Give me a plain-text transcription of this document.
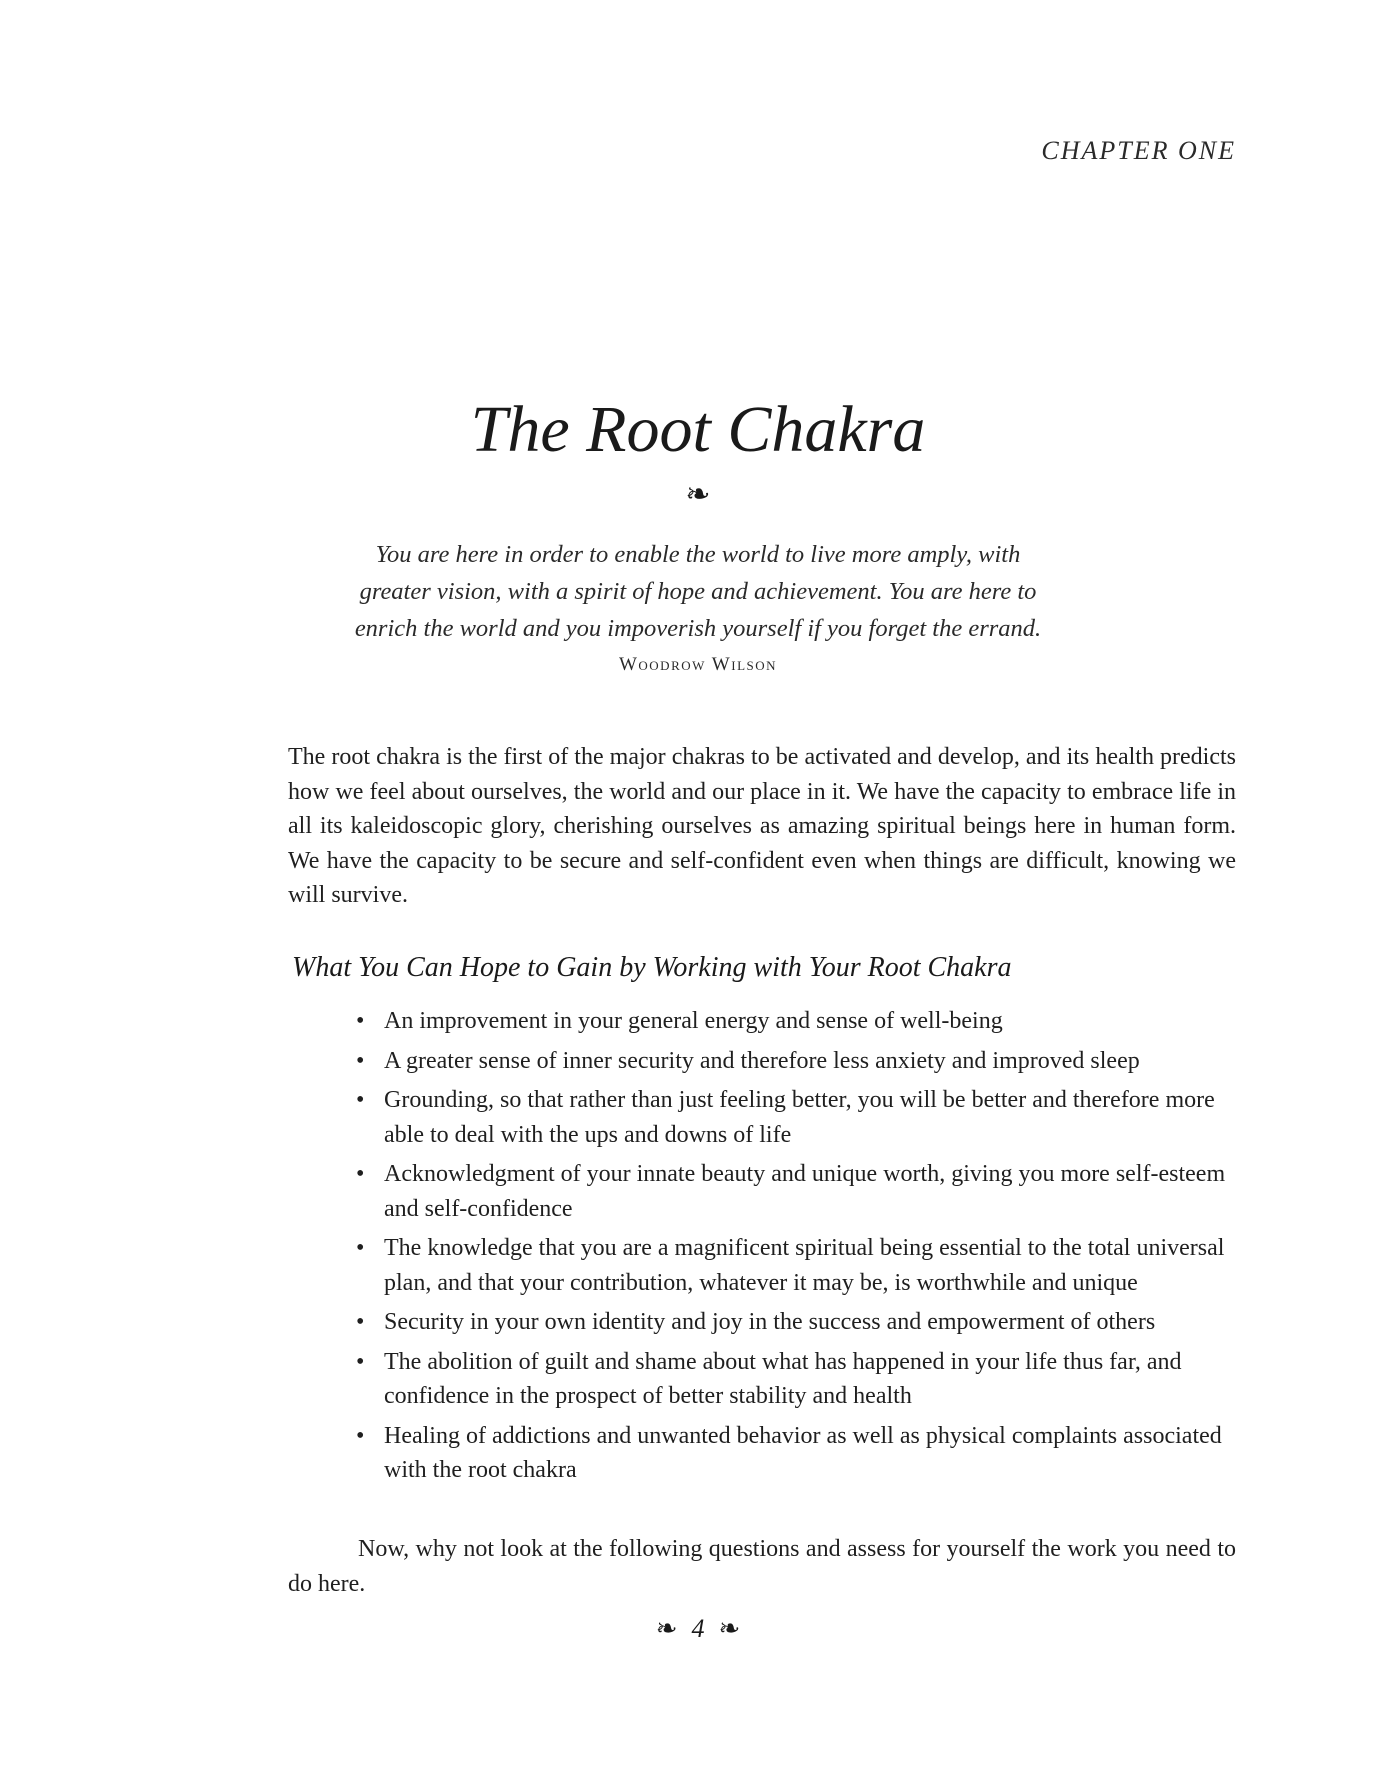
CHAPTER ONE
The Root Chakra
❧
You are here in order to enable the world to live more amply, with greater vision, with a spirit of hope and achievement. You are here to enrich the world and you impoverish yourself if you forget the errand.
Woodrow Wilson
The root chakra is the first of the major chakras to be activated and develop, and its health predicts how we feel about ourselves, the world and our place in it. We have the capacity to embrace life in all its kaleidoscopic glory, cherishing ourselves as amazing spiritual beings here in human form. We have the capacity to be secure and self-confident even when things are difficult, knowing we will survive.
What You Can Hope to Gain by Working with Your Root Chakra
• An improvement in your general energy and sense of well-being
• A greater sense of inner security and therefore less anxiety and improved sleep
• Grounding, so that rather than just feeling better, you will be better and therefore more able to deal with the ups and downs of life
• Acknowledgment of your innate beauty and unique worth, giving you more self-esteem and self-confidence
• The knowledge that you are a magnificent spiritual being essential to the total universal plan, and that your contribution, whatever it may be, is worthwhile and unique
• Security in your own identity and joy in the success and empowerment of others
• The abolition of guilt and shame about what has happened in your life thus far, and confidence in the prospect of better stability and health
• Healing of addictions and unwanted behavior as well as physical complaints associated with the root chakra
Now, why not look at the following questions and assess for yourself the work you need to do here.
❧ 4 ❧
